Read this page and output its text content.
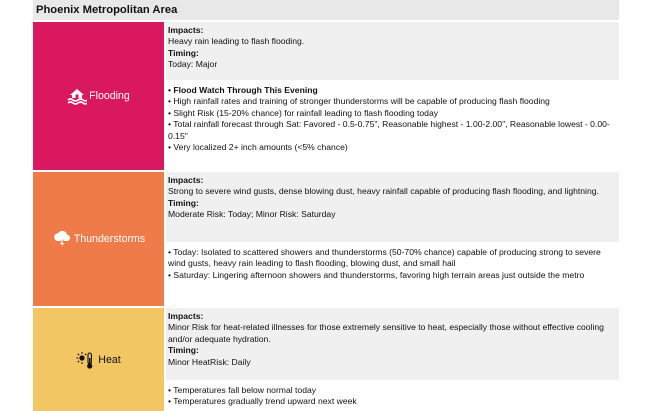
Phoenix Metropolitan Area
Flooding
Impacts:
Heavy rain leading to flash flooding.
Timing:
Today: Major
• Flood Watch Through This Evening
• High rainfall rates and training of stronger thunderstorms will be capable of producing flash flooding
• Slight Risk (15-20% chance) for rainfall leading to flash flooding today
• Total rainfall forecast through Sat: Favored - 0.5-0.75", Reasonable highest - 1.00-2.00", Reasonable lowest - 0.00-0.15"
• Very localized 2+ inch amounts (<5% chance)
Thunderstorms
Impacts:
Strong to severe wind gusts, dense blowing dust, heavy rainfall capable of producing flash flooding, and lightning.
Timing:
Moderate Risk: Today; Minor Risk: Saturday
• Today: Isolated to scattered showers and thunderstorms (50-70% chance) capable of producing strong to severe wind gusts, heavy rain leading to flash flooding, blowing dust, and small hail
• Saturday: Lingering afternoon showers and thunderstorms, favoring high terrain areas just outside the metro
Heat
Impacts:
Minor Risk for heat-related illnesses for those extremely sensitive to heat, especially those without effective cooling and/or adequate hydration.
Timing:
Minor HeatRisk: Daily
• Temperatures fall below normal today
• Temperatures gradually trend upward next week
